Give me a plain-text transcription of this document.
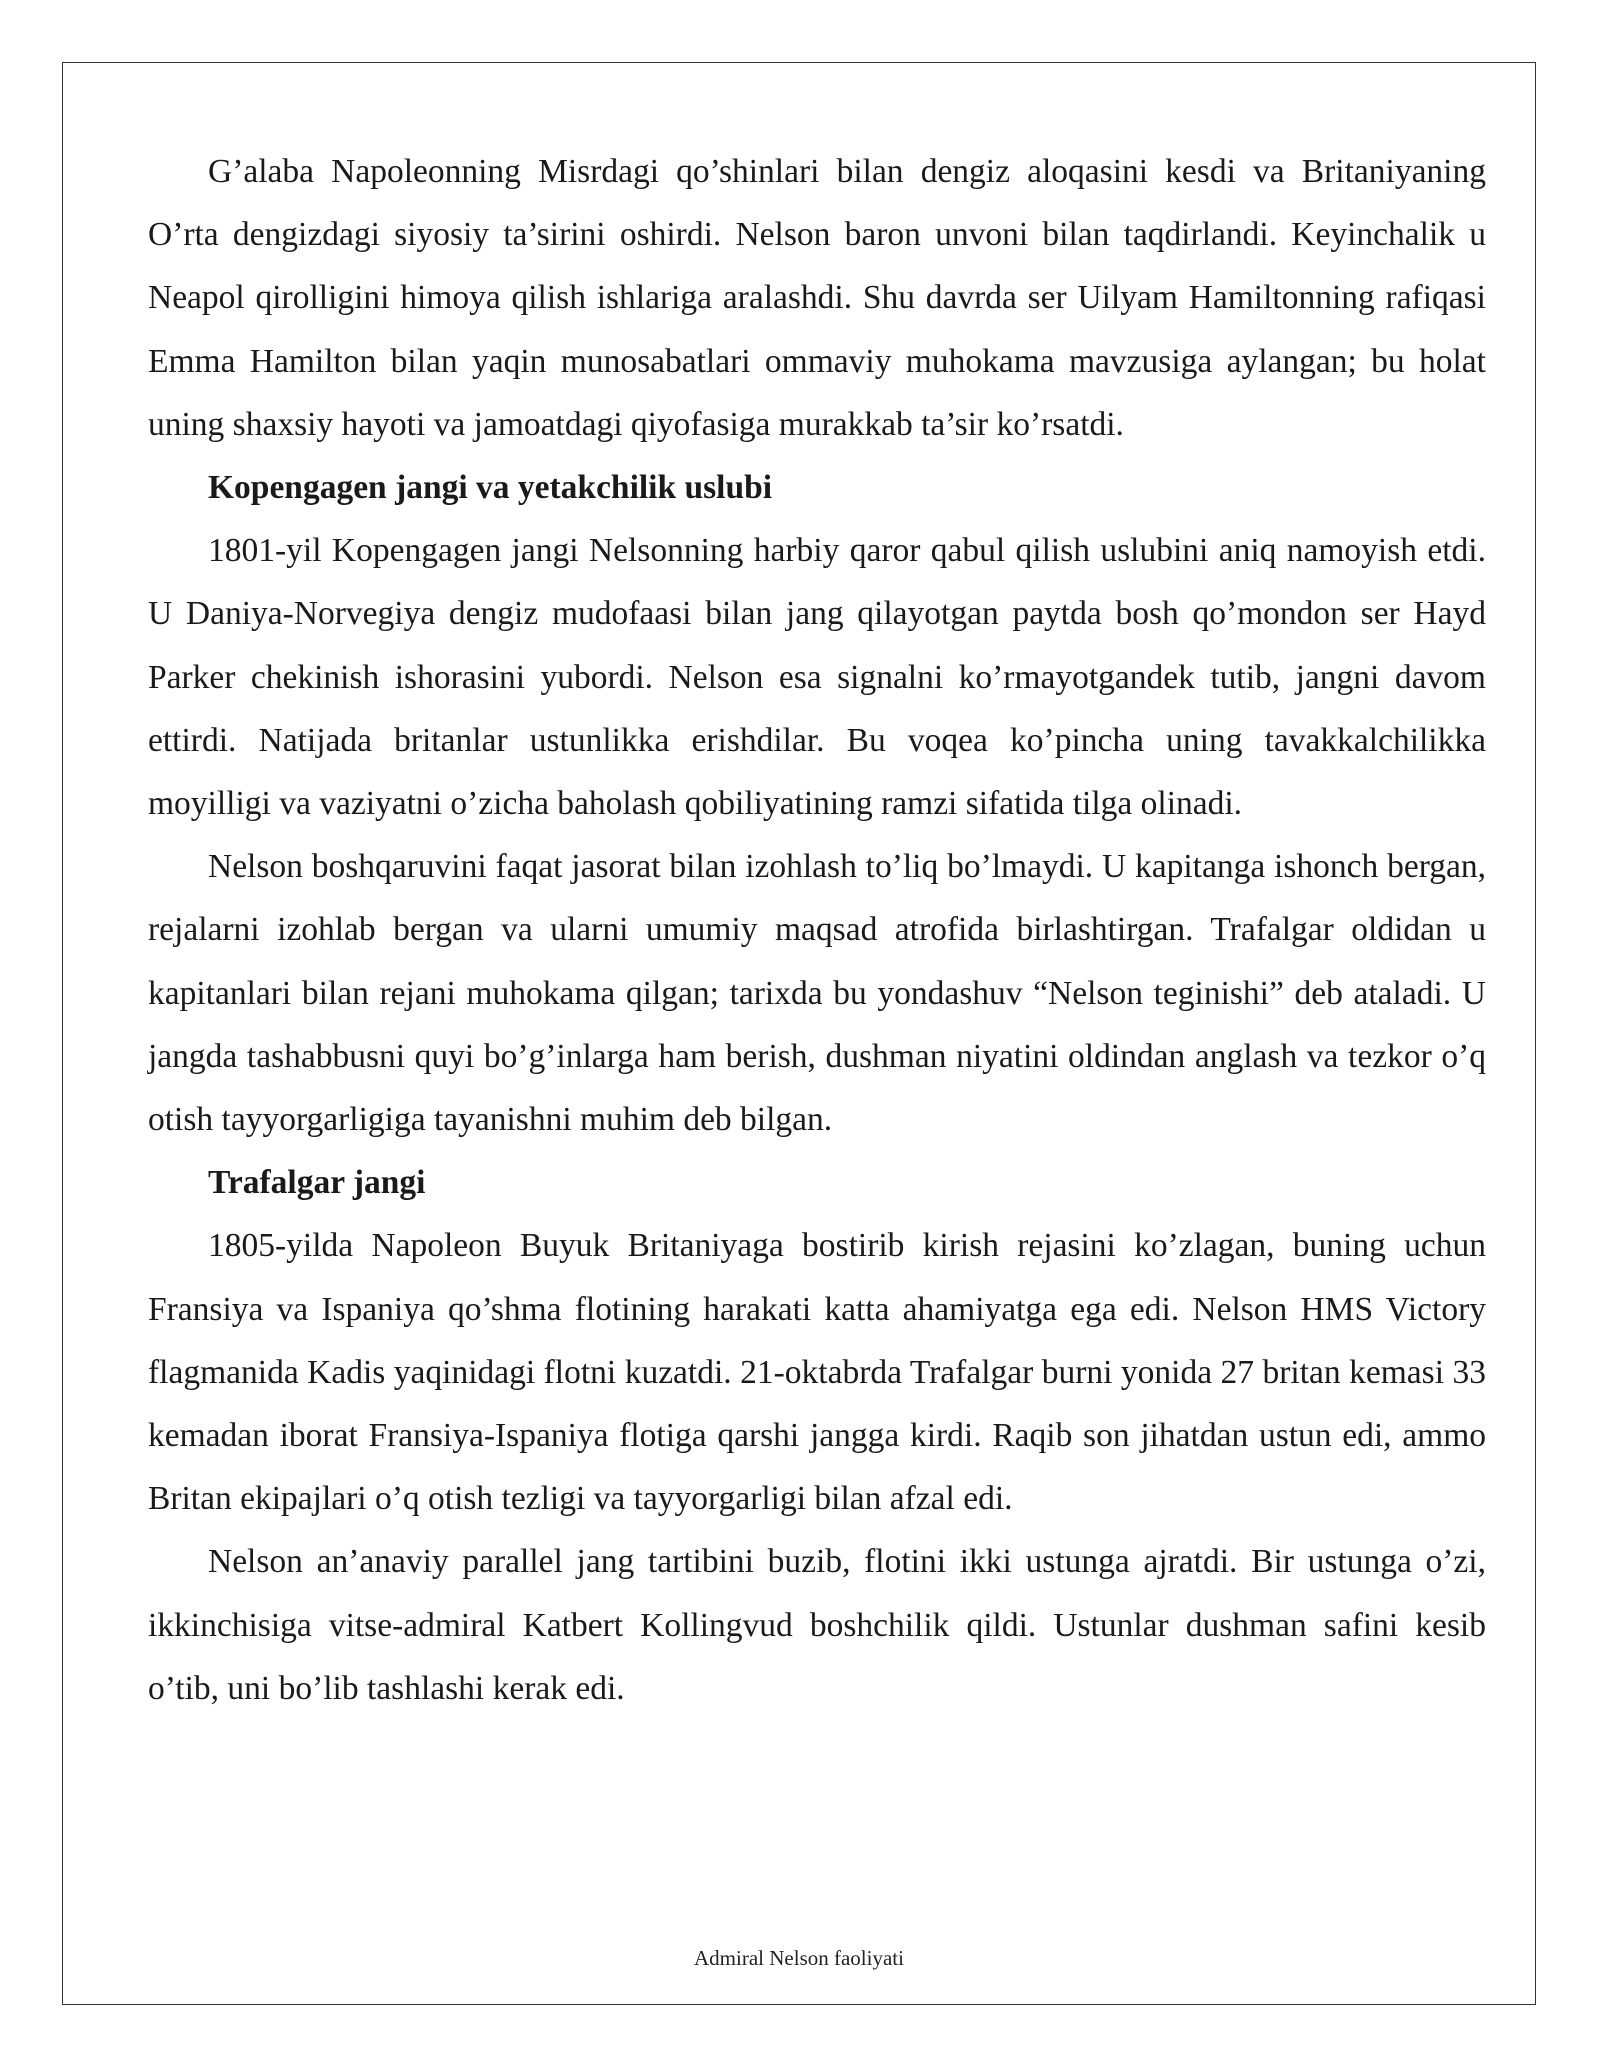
G’alaba Napoleonning Misrdagi qo’shinlari bilan dengiz aloqasini kesdi va Britaniyaning O’rta dengizdagi siyosiy ta’sirini oshirdi. Nelson baron unvoni bilan taqdirlandi. Keyinchalik u Neapol qirolligini himoya qilish ishlariga aralashdi. Shu davrda ser Uilyam Hamiltonning rafiqasi Emma Hamilton bilan yaqin munosabatlari ommaviy muhokama mavzusiga aylangan; bu holat uning shaxsiy hayoti va jamoatdagi qiyofasiga murakkab ta’sir ko’rsatdi.

Kopengagen jangi va yetakchilik uslubi

1801-yil Kopengagen jangi Nelsonning harbiy qaror qabul qilish uslubini aniq namoyish etdi. U Daniya-Norvegiya dengiz mudofaasi bilan jang qilayotgan paytda bosh qo’mondon ser Hayd Parker chekinish ishorasini yubordi. Nelson esa signalni ko’rmayotgandek tutib, jangni davom ettirdi. Natijada britanlar ustunlikka erishdilar. Bu voqea ko’pincha uning tavakkalchilikka moyilligi va vaziyatni o’zicha baholash qobiliyatining ramzi sifatida tilga olinadi.

Nelson boshqaruvini faqat jasorat bilan izohlash to’liq bo’lmaydi. U kapitanga ishonch bergan, rejalarni izohlab bergan va ularni umumiy maqsad atrofida birlashtirgan. Trafalgar oldidan u kapitanlari bilan rejani muhokama qilgan; tarixda bu yondashuv “Nelson teginishi” deb ataladi. U jangda tashabbusni quyi bo’g’inlarga ham berish, dushman niyatini oldindan anglash va tezkor o’q otish tayyorgarligiga tayanishni muhim deb bilgan.

Trafalgar jangi

1805-yilda Napoleon Buyuk Britaniyaga bostirib kirish rejasini ko’zlagan, buning uchun Fransiya va Ispaniya qo’shma flotining harakati katta ahamiyatga ega edi. Nelson HMS Victory flagmanida Kadis yaqinidagi flotni kuzatdi. 21-oktabrda Trafalgar burni yonida 27 britan kemasi 33 kemadan iborat Fransiya-Ispaniya flotiga qarshi jangga kirdi. Raqib son jihatdan ustun edi, ammo Britan ekipajlari o’q otish tezligi va tayyorgarligi bilan afzal edi.

Nelson an’anaviy parallel jang tartibini buzib, flotini ikki ustunga ajratdi. Bir ustunga o’zi, ikkinchisiga vitse-admiral Katbert Kollingvud boshchilik qildi. Ustunlar dushman safini kesib o’tib, uni bo’lib tashlashi kerak edi.

Admiral Nelson faoliyati
